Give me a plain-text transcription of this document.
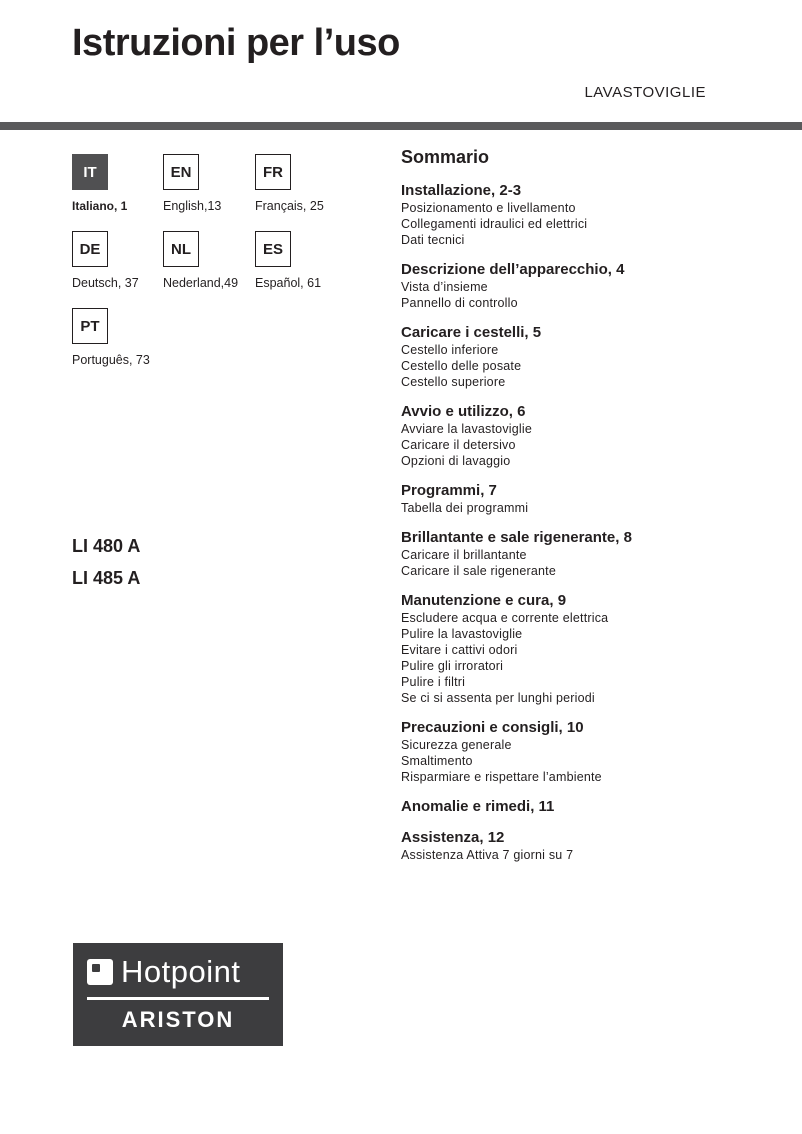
Istruzioni per l’uso
LAVASTOVIGLIE
IT
Italiano, 1
EN
English,13
FR
Français, 25
DE
Deutsch, 37
NL
Nederland,49
ES
Español, 61
PT
Português, 73
LI 480 A
LI 485 A
Sommario
Installazione, 2-3
Posizionamento e livellamento
Collegamenti idraulici ed elettrici
Dati tecnici
Descrizione dell’apparecchio, 4
Vista d’insieme
Pannello di controllo
Caricare i cestelli, 5
Cestello inferiore
Cestello delle posate
Cestello superiore
Avvio e utilizzo, 6
Avviare la lavastoviglie
Caricare il detersivo
Opzioni di lavaggio
Programmi, 7
Tabella dei programmi
Brillantante e sale rigenerante, 8
Caricare il brillantante
Caricare il sale rigenerante
Manutenzione e cura, 9
Escludere acqua e corrente elettrica
Pulire la lavastoviglie
Evitare i cattivi odori
Pulire gli irroratori
Pulire i filtri
Se ci si assenta per lunghi periodi
Precauzioni e consigli, 10
Sicurezza generale
Smaltimento
Risparmiare e rispettare l’ambiente
Anomalie e rimedi, 11
Assistenza, 12
Assistenza Attiva 7 giorni su 7
Hotpoint
ARISTON
